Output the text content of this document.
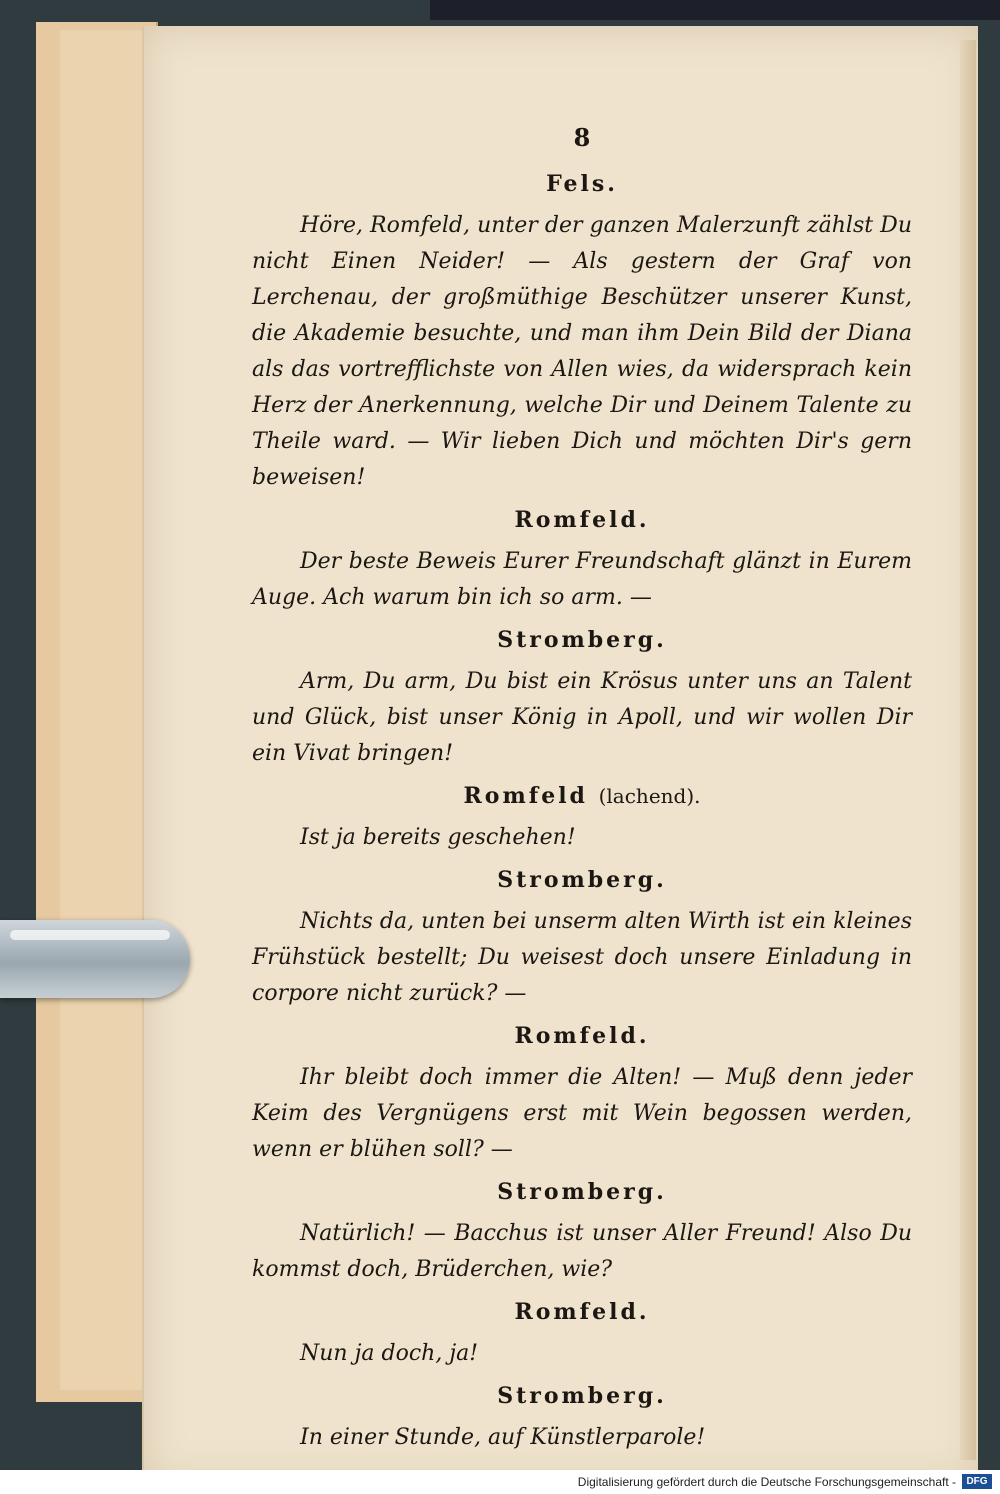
8
Fels.

Höre, Romfeld, unter der ganzen Malerzunft zählst Du nicht Einen Neider! — Als gestern der Graf von Lerchenau, der großmüthige Beschützer unserer Kunst, die Akademie besuchte, und man ihm Dein Bild der Diana als das vortrefflichste von Allen wies, da widersprach kein Herz der Anerkennung, welche Dir und Deinem Talente zu Theile ward. — Wir lieben Dich und möchten Dir's gern beweisen!

Romfeld.

Der beste Beweis Eurer Freundschaft glänzt in Eurem Auge. Ach warum bin ich so arm. —

Stromberg.

Arm, Du arm, Du bist ein Krösus unter uns an Talent und Glück, bist unser König in Apoll, und wir wollen Dir ein Vivat bringen!

Romfeld (lachend).

Ist ja bereits geschehen!

Stromberg.

Nichts da, unten bei unserm alten Wirth ist ein kleines Frühstück bestellt; Du weisest doch unsere Einladung in corpore nicht zurück? —

Romfeld.

Ihr bleibt doch immer die Alten! — Muß denn jeder Keim des Vergnügens erst mit Wein begossen werden, wenn er blühen soll? —

Stromberg.

Natürlich! — Bacchus ist unser Aller Freund! Also Du kommst doch, Brüderchen, wie?

Romfeld.

Nun ja doch, ja!

Stromberg.

In einer Stunde, auf Künstlerparole!

Digitalisierung gefördert durch die Deutsche Forschungsgemeinschaft -	DFG
